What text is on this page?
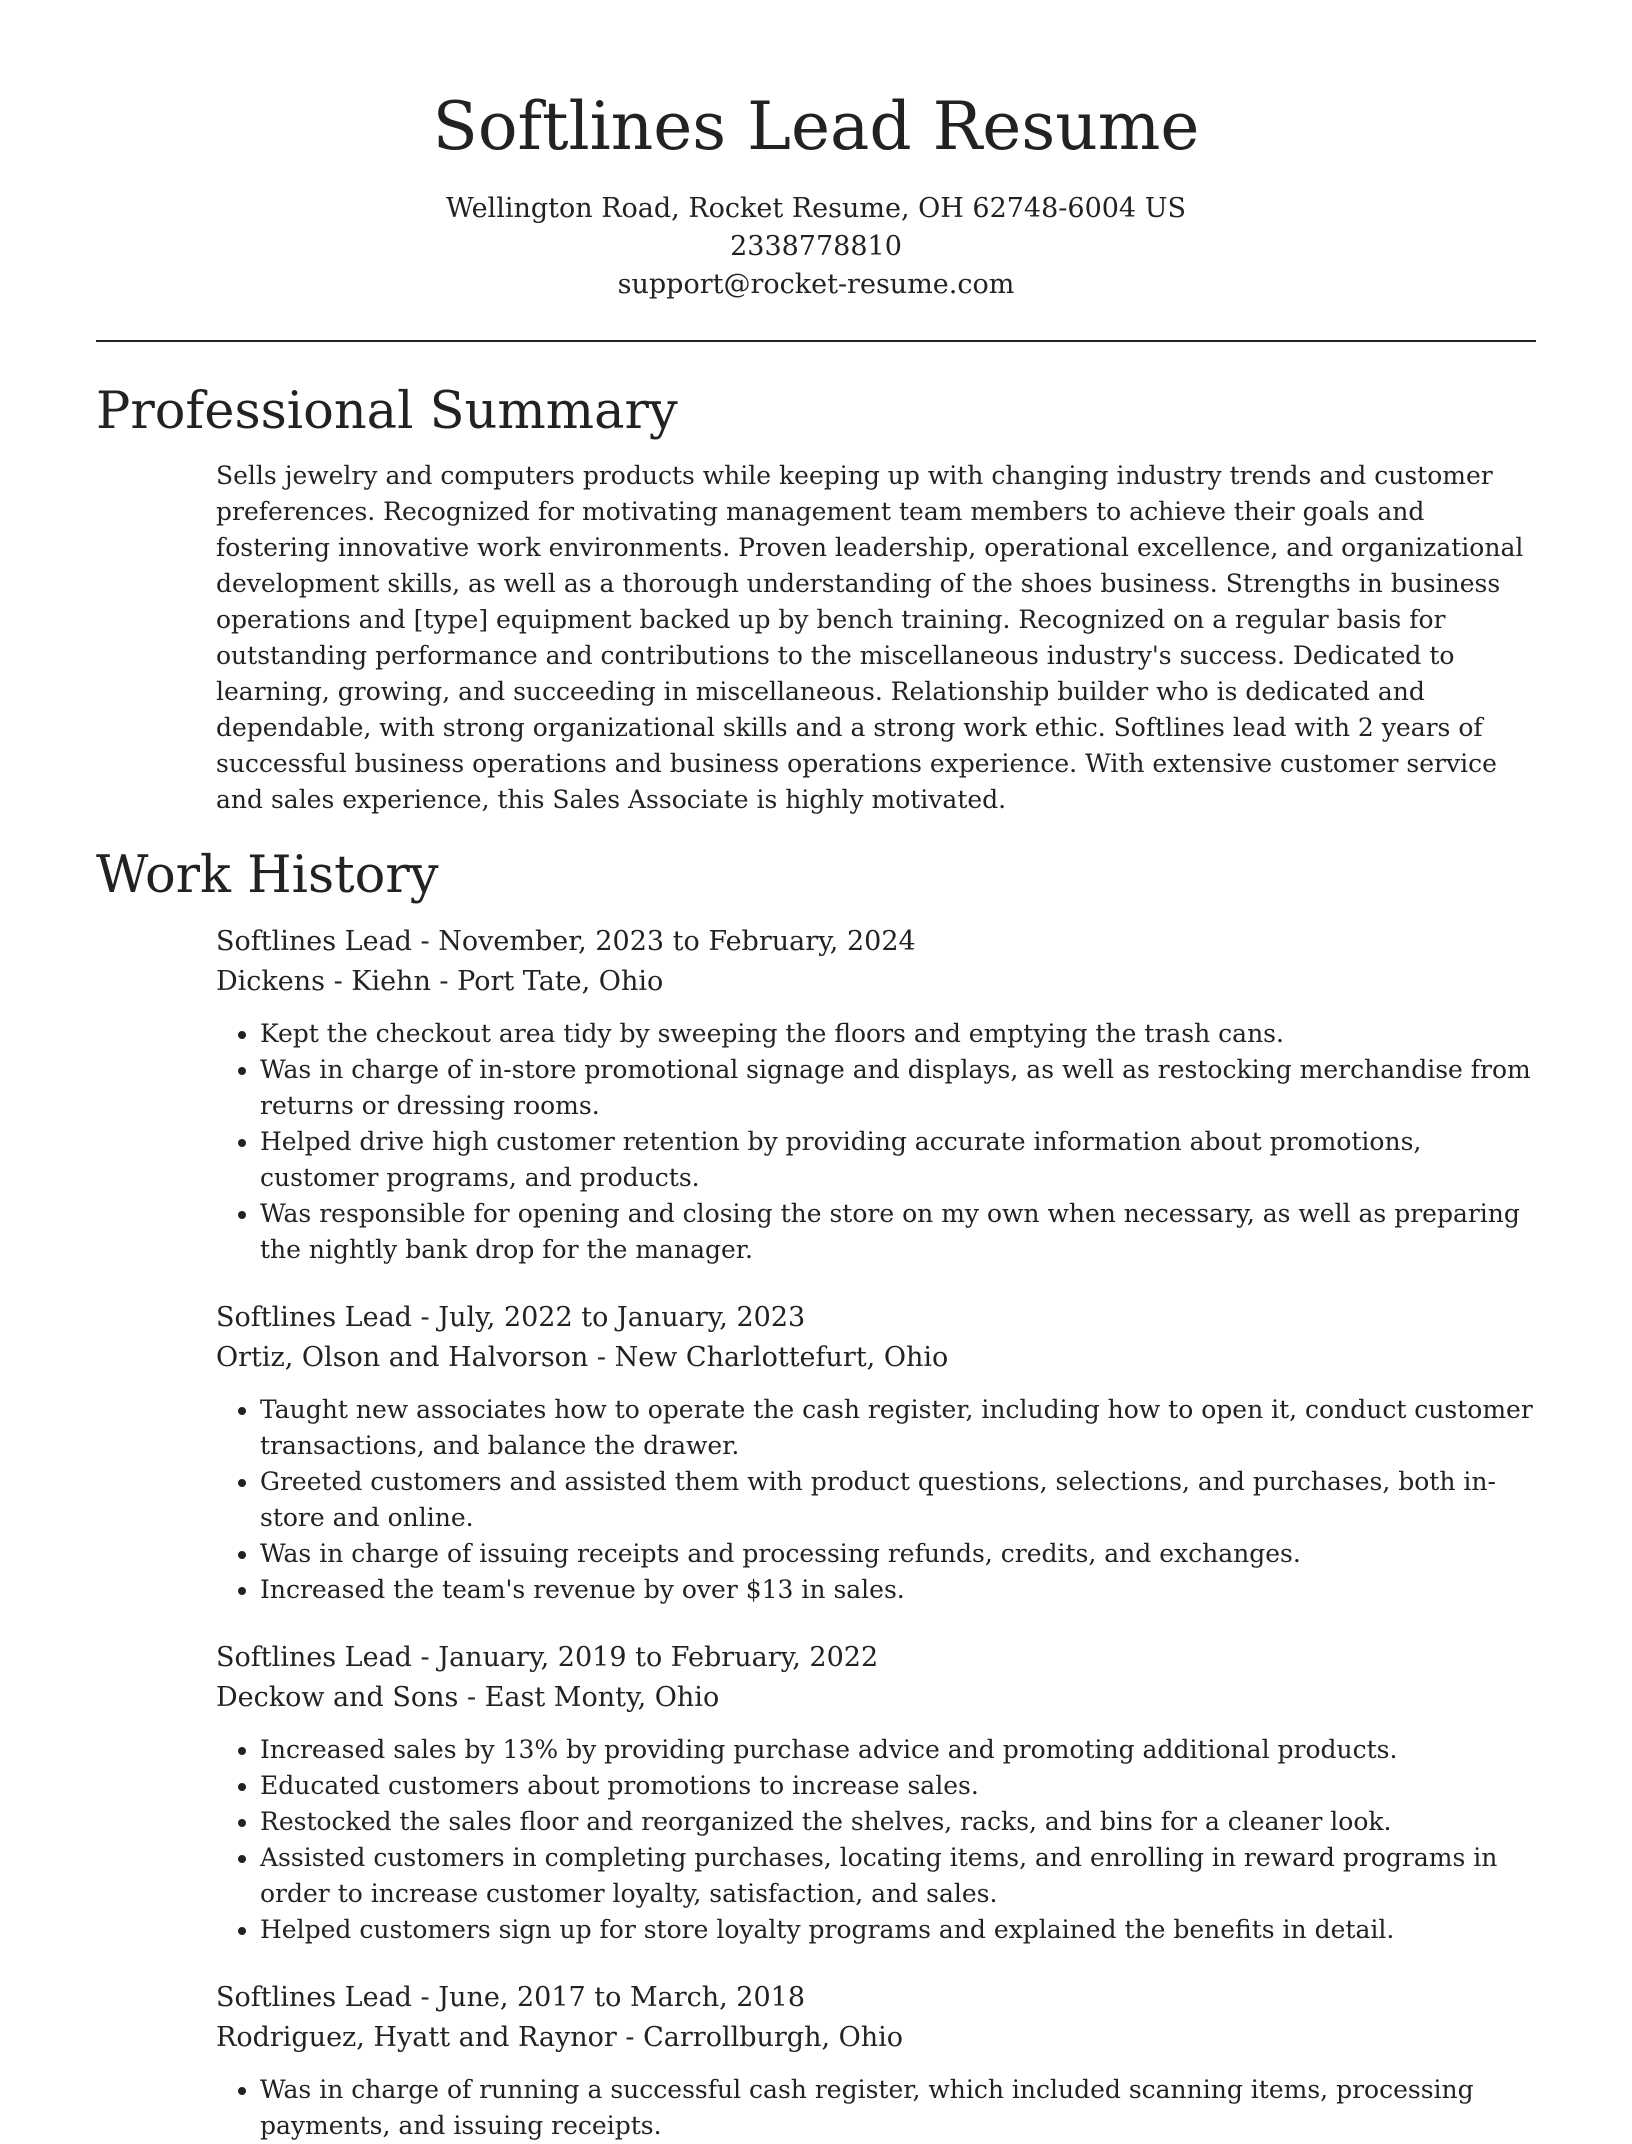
Softlines Lead Resume
Wellington Road, Rocket Resume, OH 62748-6004 US
2338778810
support@rocket-resume.com
Professional Summary

Sells jewelry and computers products while keeping up with changing industry trends and customer preferences. Recognized for motivating management team members to achieve their goals and fostering innovative work environments. Proven leadership, operational excellence, and organizational development skills, as well as a thorough understanding of the shoes business. Strengths in business operations and [type] equipment backed up by bench training. Recognized on a regular basis for outstanding performance and contributions to the miscellaneous industry's success. Dedicated to learning, growing, and succeeding in miscellaneous. Relationship builder who is dedicated and dependable, with strong organizational skills and a strong work ethic. Softlines lead with 2 years of successful business operations and business operations experience. With extensive customer service and sales experience, this Sales Associate is highly motivated.

Work History
Softlines Lead - November, 2023 to February, 2024
Dickens - Kiehn - Port Tate, Ohio
• Kept the checkout area tidy by sweeping the floors and emptying the trash cans.
• Was in charge of in-store promotional signage and displays, as well as restocking merchandise from returns or dressing rooms.
• Helped drive high customer retention by providing accurate information about promotions, customer programs, and products.
• Was responsible for opening and closing the store on my own when necessary, as well as preparing the nightly bank drop for the manager.
Softlines Lead - July, 2022 to January, 2023
Ortiz, Olson and Halvorson - New Charlottefurt, Ohio
• Taught new associates how to operate the cash register, including how to open it, conduct customer transactions, and balance the drawer.
• Greeted customers and assisted them with product questions, selections, and purchases, both in-store and online.
• Was in charge of issuing receipts and processing refunds, credits, and exchanges.
• Increased the team's revenue by over $13 in sales.
Softlines Lead - January, 2019 to February, 2022
Deckow and Sons - East Monty, Ohio
• Increased sales by 13% by providing purchase advice and promoting additional products.
• Educated customers about promotions to increase sales.
• Restocked the sales floor and reorganized the shelves, racks, and bins for a cleaner look.
• Assisted customers in completing purchases, locating items, and enrolling in reward programs in order to increase customer loyalty, satisfaction, and sales.
• Helped customers sign up for store loyalty programs and explained the benefits in detail.
Softlines Lead - June, 2017 to March, 2018
Rodriguez, Hyatt and Raynor - Carrollburgh, Ohio
• Was in charge of running a successful cash register, which included scanning items, processing payments, and issuing receipts.
